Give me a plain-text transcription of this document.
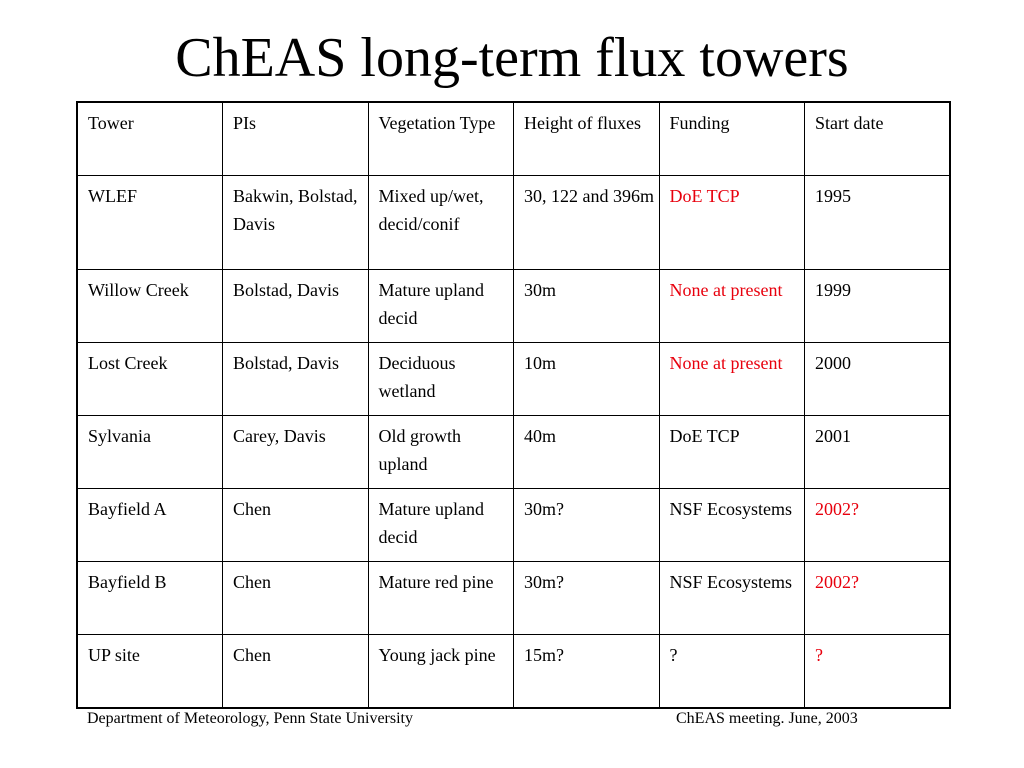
ChEAS long-term flux towers
Tower	PIs	Vegetation Type	Height of fluxes	Funding	Start date
WLEF	Bakwin, Bolstad, Davis	Mixed up/wet, decid/conif	30, 122 and 396m	DoE TCP	1995
Willow Creek	Bolstad, Davis	Mature upland decid	30m	None at present	1999
Lost Creek	Bolstad, Davis	Deciduous wetland	10m	None at present	2000
Sylvania	Carey, Davis	Old growth upland	40m	DoE TCP	2001
Bayfield A	Chen	Mature upland decid	30m?	NSF Ecosystems	2002?
Bayfield B	Chen	Mature red pine	30m?	NSF Ecosystems	2002?
UP site	Chen	Young jack pine	15m?	?	?

Department of Meteorology, Penn State University	ChEAS meeting. June, 2003
